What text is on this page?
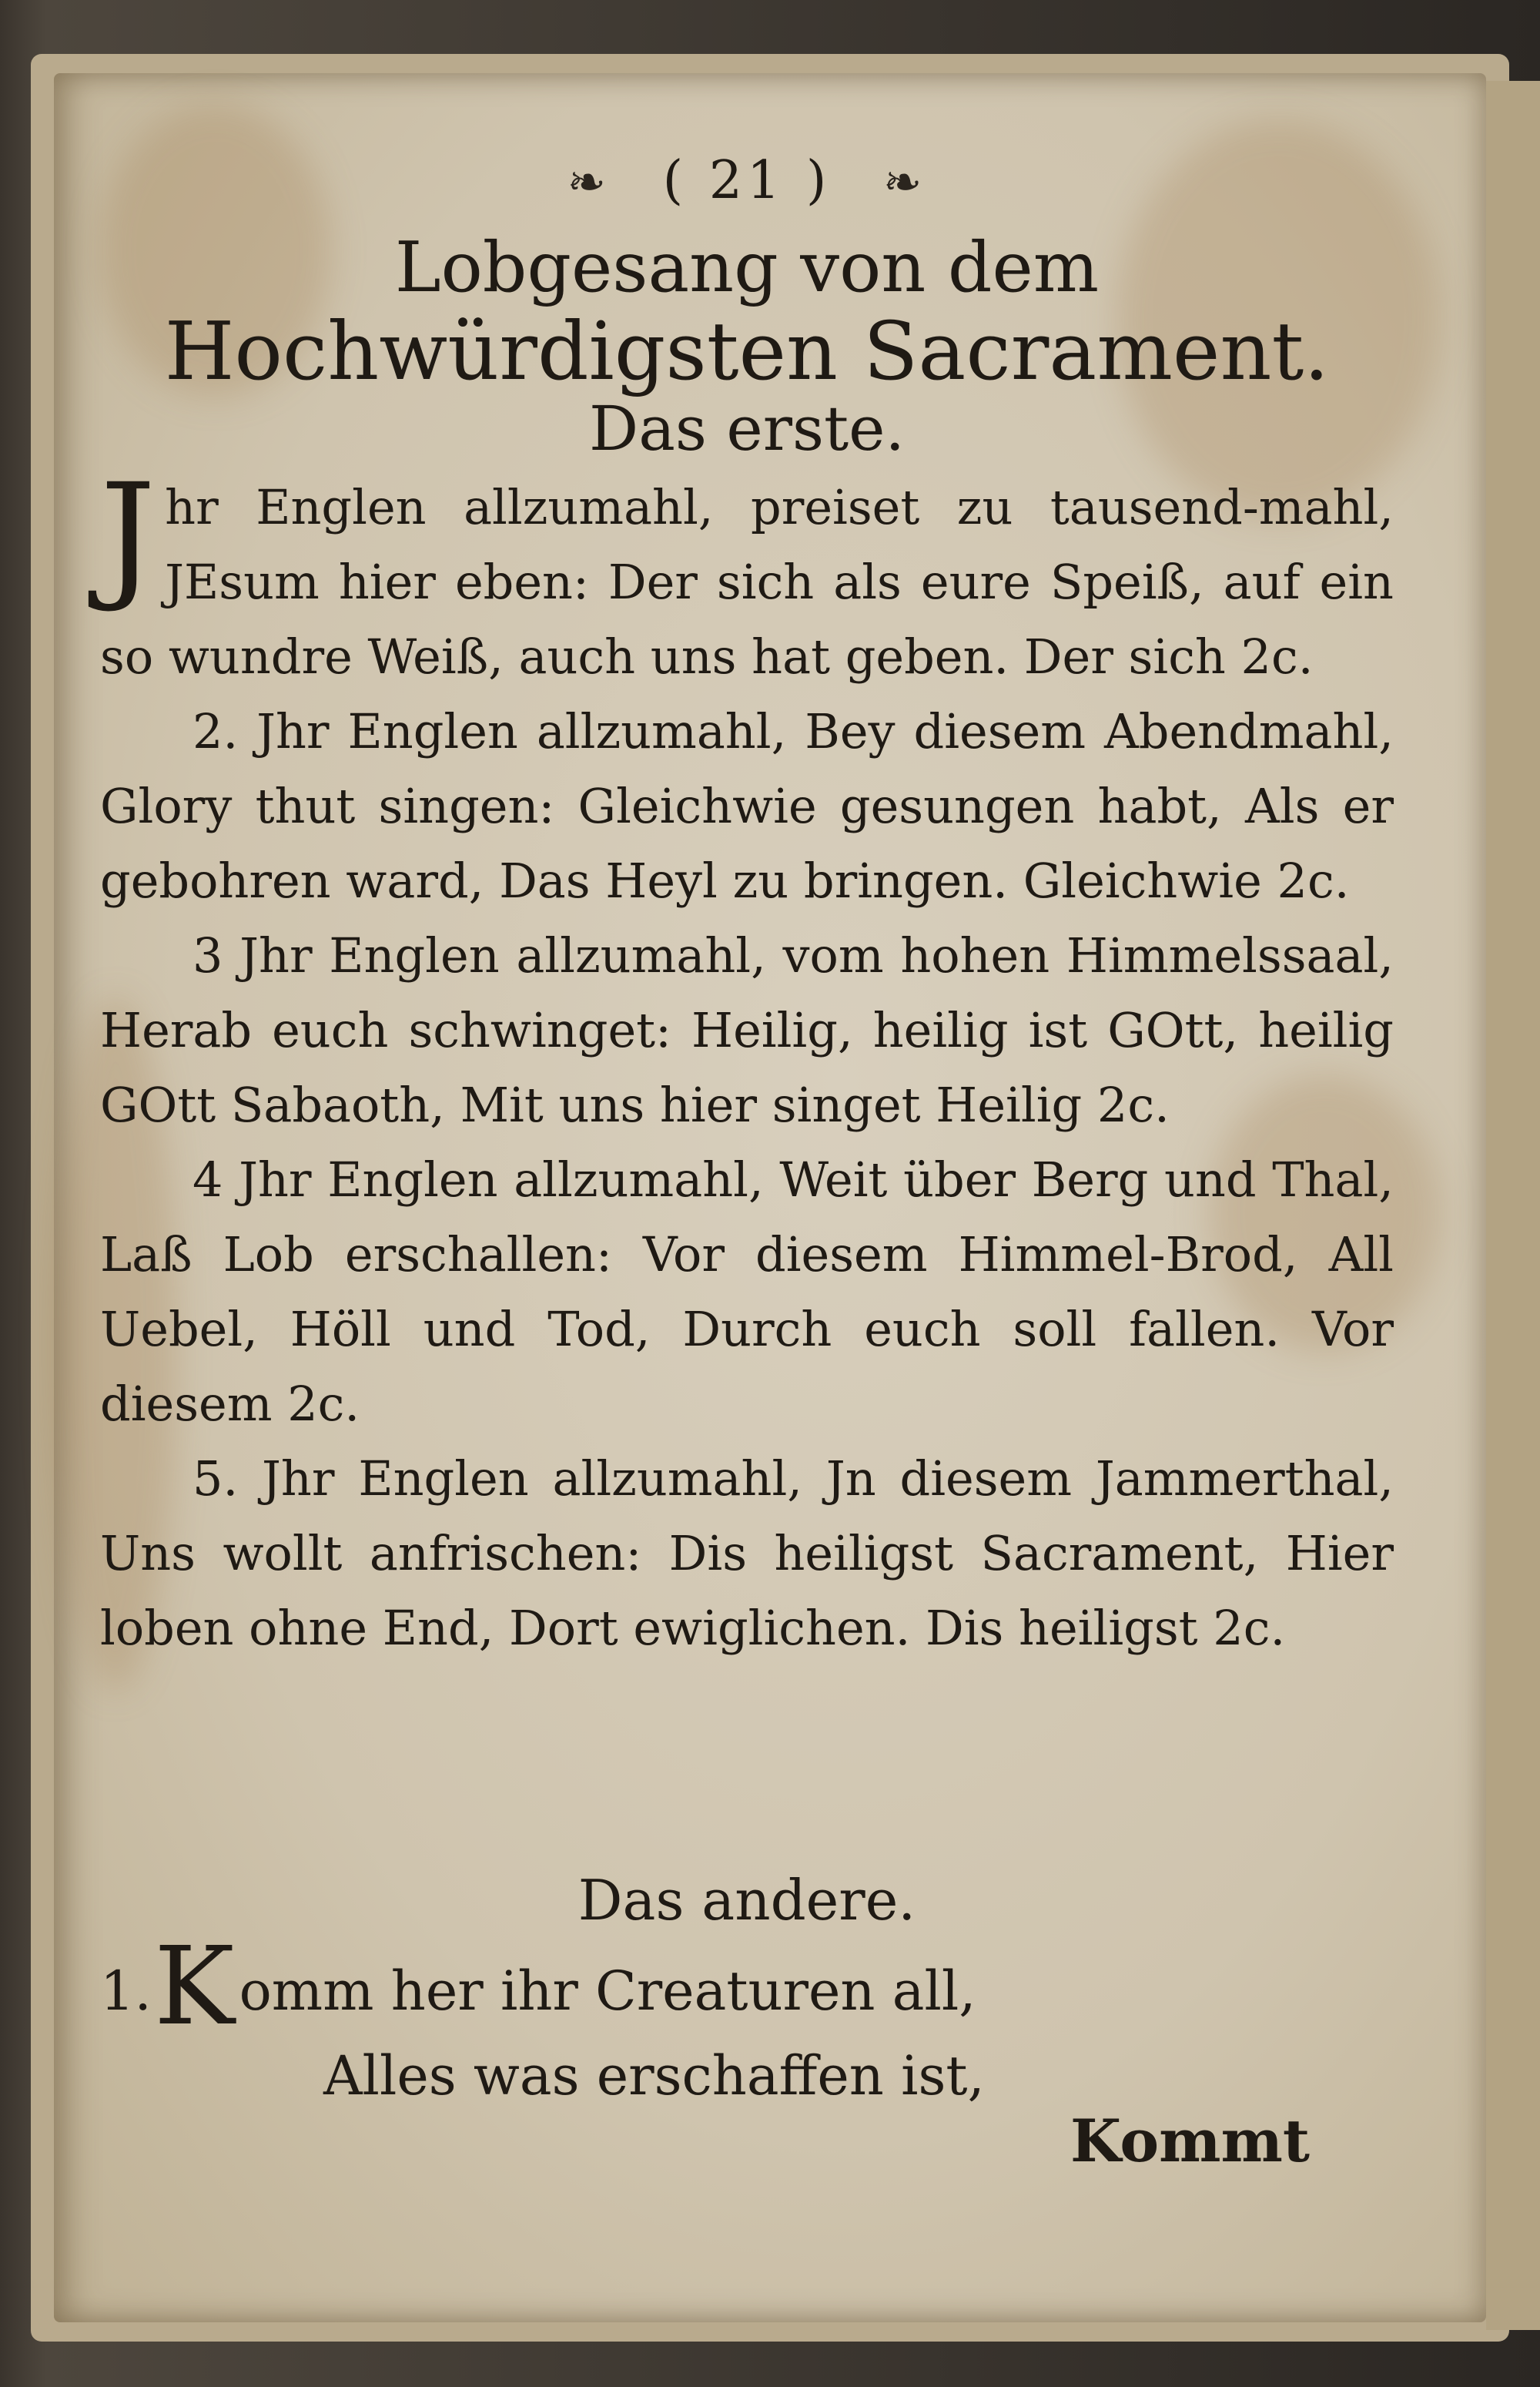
❧ ( 21 ) ❧
Lobgesang von dem
Hochwürdigsten Sacrament.
Das erste.

Jhr Englen allzumahl, preiset zu tausend-mahl, JEsum hier eben: Der sich als eure Speiß, auf ein so wundre Weiß, auch uns hat geben. Der sich 2c.

2. Jhr Englen allzumahl, Bey diesem Abendmahl, Glory thut singen: Gleichwie gesungen habt, Als er gebohren ward, Das Heyl zu bringen. Gleichwie 2c.

3 Jhr Englen allzumahl, vom hohen Himmelssaal, Herab euch schwinget: Heilig, heilig ist GOtt, heilig GOtt Sabaoth, Mit uns hier singet Heilig 2c.

4 Jhr Englen allzumahl, Weit über Berg und Thal, Laß Lob erschallen: Vor diesem Himmel-Brod, All Uebel, Höll und Tod, Durch euch soll fallen. Vor diesem 2c.

5. Jhr Englen allzumahl, Jn diesem Jammerthal, Uns wollt anfrischen: Dis heiligst Sacrament, Hier loben ohne End, Dort ewiglichen. Dis heiligst 2c.

Das andere.
1.Komm her ihr Creaturen all,
Alles was erschaffen ist,
Kommt
